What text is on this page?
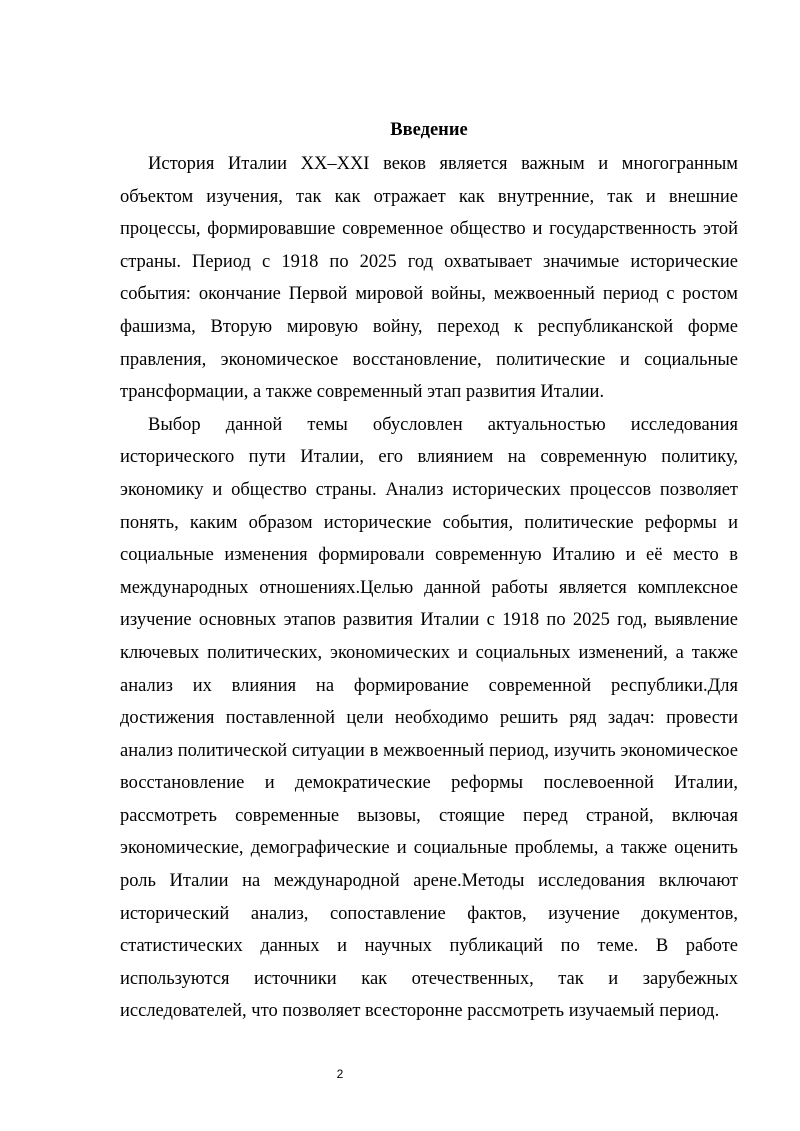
Введение

История Италии XX–XXI веков является важным и многогранным объектом изучения, так как отражает как внутренние, так и внешние процессы, формировавшие современное общество и государственность этой страны. Период с 1918 по 2025 год охватывает значимые исторические события: окончание Первой мировой войны, межвоенный период с ростом фашизма, Вторую мировую войну, переход к республиканской форме правления, экономическое восстановление, политические и социальные трансформации, а также современный этап развития Италии.

Выбор данной темы обусловлен актуальностью исследования исторического пути Италии, его влиянием на современную политику, экономику и общество страны. Анализ исторических процессов позволяет понять, каким образом исторические события, политические реформы и социальные изменения формировали современную Италию и её место в международных отношениях.Целью данной работы является комплексное изучение основных этапов развития Италии с 1918 по 2025 год, выявление ключевых политических, экономических и социальных изменений, а также анализ их влияния на формирование современной республики.Для достижения поставленной цели необходимо решить ряд задач: провести анализ политической ситуации в межвоенный период, изучить экономическое восстановление и демократические реформы послевоенной Италии, рассмотреть современные вызовы, стоящие перед страной, включая экономические, демографические и социальные проблемы, а также оценить роль Италии на международной арене.Методы исследования включают исторический анализ, сопоставление фактов, изучение документов, статистических данных и научных публикаций по теме. В работе используются источники как отечественных, так и зарубежных исследователей, что позволяет всесторонне рассмотреть изучаемый период.

2
